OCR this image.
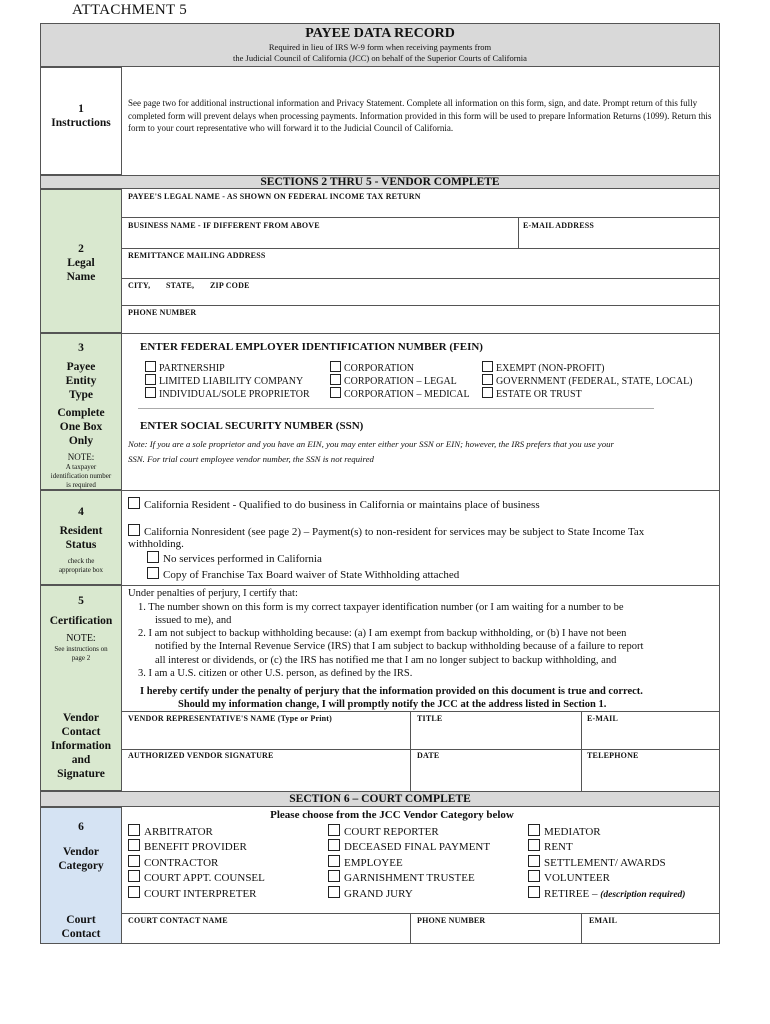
ATTACHMENT 5
PAYEE DATA RECORD
Required in lieu of IRS W-9 form when receiving payments from
the Judicial Council of California (JCC) on behalf of the Superior Courts of California
1
Instructions
See page two for additional instructional information and Privacy Statement. Complete all information on this form, sign, and date. Prompt return of this fully completed form will prevent delays when processing payments. Information provided in this form will be used to prepare Information Returns (1099). Return this form to your court representative who will forward it to the Judicial Council of California.
SECTIONS 2 THRU 5 - VENDOR COMPLETE
2
Legal
Name
PAYEE'S LEGAL NAME - AS SHOWN ON FEDERAL INCOME TAX RETURN
BUSINESS NAME - IF DIFFERENT FROM ABOVE	E-MAIL ADDRESS
REMITTANCE MAILING ADDRESS
CITY, STATE, ZIP CODE
PHONE NUMBER
3
Payee
Entity
Type
Complete
One Box
Only
NOTE:
A taxpayer
identification number
is required
ENTER FEDERAL EMPLOYER IDENTIFICATION NUMBER (FEIN)
PARTNERSHIP
LIMITED LIABILITY COMPANY
INDIVIDUAL/SOLE PROPRIETOR
CORPORATION
CORPORATION – LEGAL
CORPORATION – MEDICAL
EXEMPT (NON-PROFIT)
GOVERNMENT (FEDERAL, STATE, LOCAL)
ESTATE OR TRUST
ENTER SOCIAL SECURITY NUMBER (SSN)
Note: If you are a sole proprietor and you have an EIN, you may enter either your SSN or EIN; however, the IRS prefers that you use your
SSN. For trial court employee vendor number, the SSN is not required
4
Resident
Status
check the
appropriate box
California Resident - Qualified to do business in California or maintains place of business
California Nonresident (see page 2) – Payment(s) to non-resident for services may be subject to State Income Tax
withholding.
No services performed in California
Copy of Franchise Tax Board waiver of State Withholding attached
5
Certification
NOTE:
See instructions on
page 2
Vendor
Contact
Information
and
Signature
Under penalties of perjury, I certify that:
1. The number shown on this form is my correct taxpayer identification number (or I am waiting for a number to be
issued to me), and
2. I am not subject to backup withholding because: (a) I am exempt from backup withholding, or (b) I have not been
notified by the Internal Revenue Service (IRS) that I am subject to backup withholding because of a failure to report
all interest or dividends, or (c) the IRS has notified me that I am no longer subject to backup withholding, and
3. I am a U.S. citizen or other U.S. person, as defined by the IRS.
I hereby certify under the penalty of perjury that the information provided on this document is true and correct.
Should my information change, I will promptly notify the JCC at the address listed in Section 1.
VENDOR REPRESENTATIVE'S NAME (Type or Print)	TITLE	E-MAIL
AUTHORIZED VENDOR SIGNATURE	DATE	TELEPHONE
SECTION 6 – COURT COMPLETE
6
Vendor
Category
Court
Contact
Please choose from the JCC Vendor Category below
ARBITRATOR
BENEFIT PROVIDER
CONTRACTOR
COURT APPT. COUNSEL
COURT INTERPRETER
COURT REPORTER
DECEASED FINAL PAYMENT
EMPLOYEE
GARNISHMENT TRUSTEE
GRAND JURY
MEDIATOR
RENT
SETTLEMENT/ AWARDS
VOLUNTEER
RETIREE – (description required)
COURT CONTACT NAME	PHONE NUMBER	EMAIL
